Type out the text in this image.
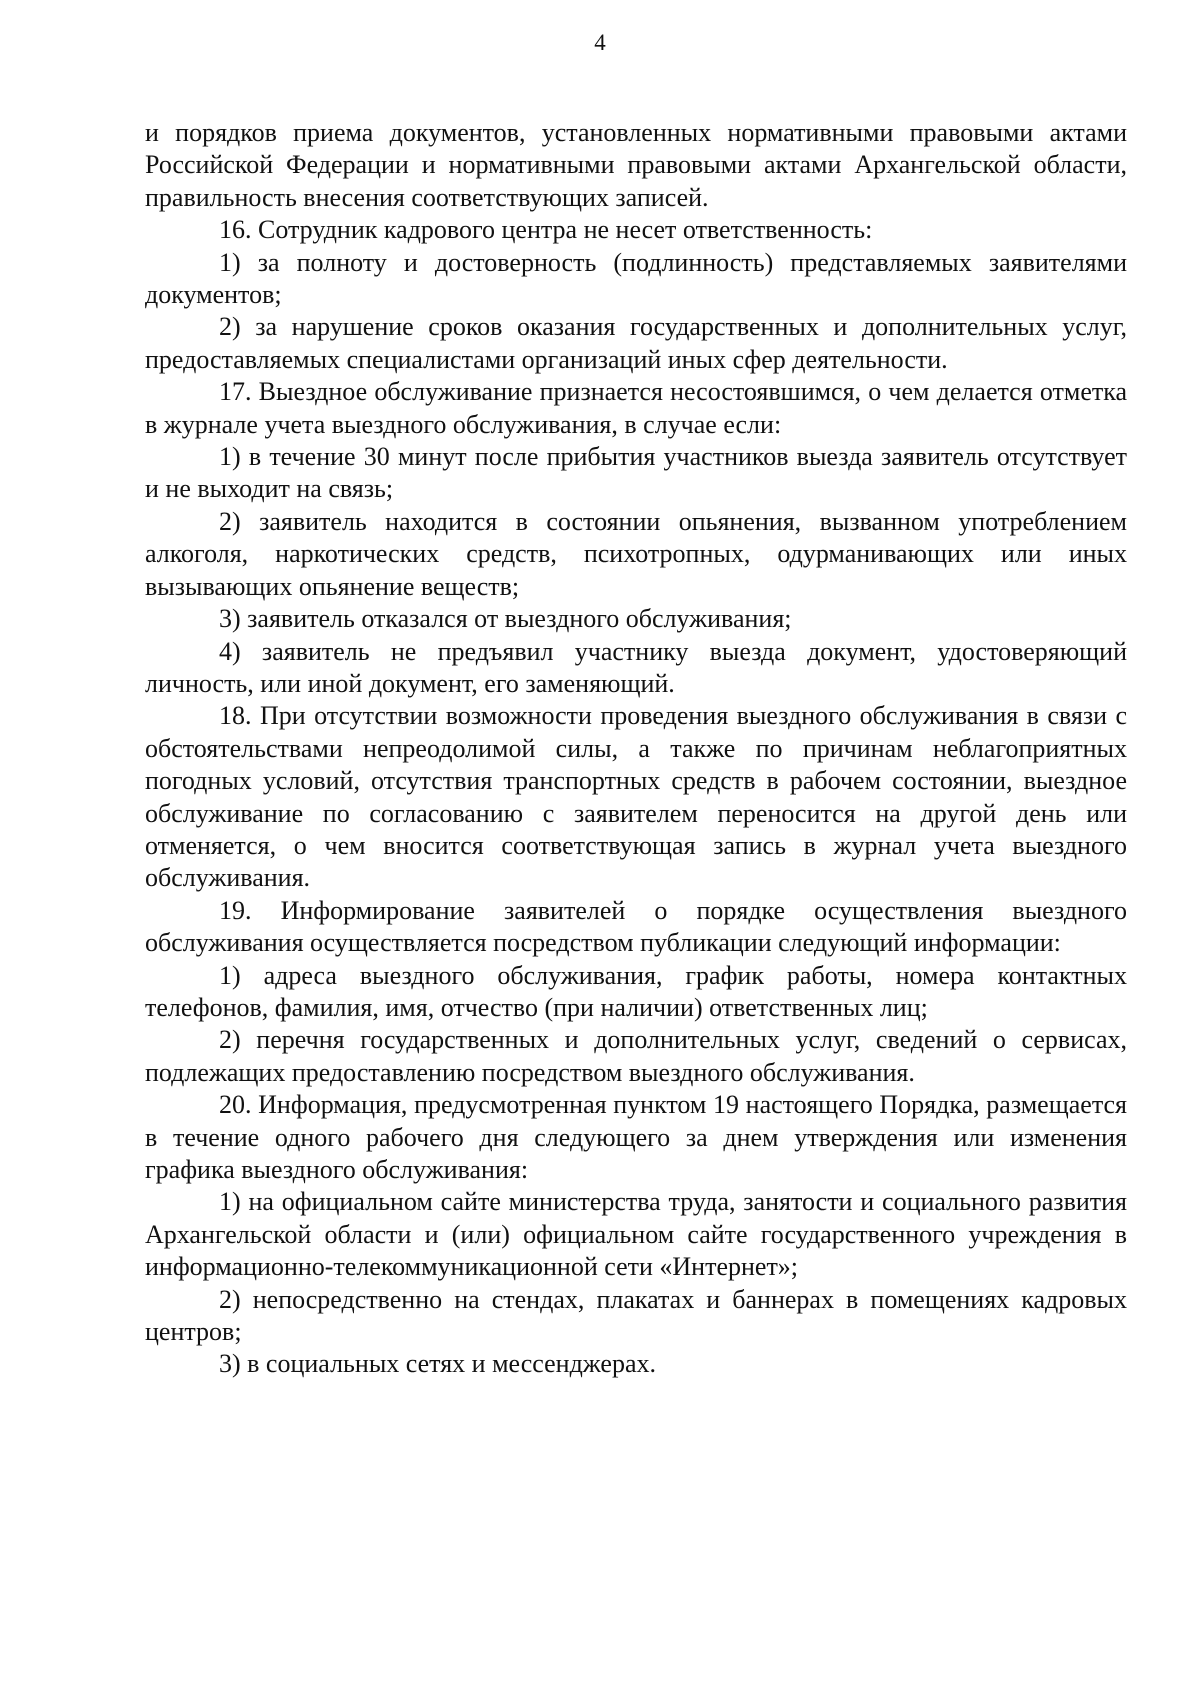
4

и порядков приема документов, установленных нормативными правовыми актами Российской Федерации и нормативными правовыми актами Архангельской области, правильность внесения соответствующих записей.

16. Сотрудник кадрового центра не несет ответственность:

1) за полноту и достоверность (подлинность) представляемых заявителями документов;

2) за нарушение сроков оказания государственных и дополнительных услуг, предоставляемых специалистами организаций иных сфер деятельности.

17. Выездное обслуживание признается несостоявшимся, о чем делается отметка в журнале учета выездного обслуживания, в случае если:

1) в течение 30 минут после прибытия участников выезда заявитель отсутствует и не выходит на связь;

2) заявитель находится в состоянии опьянения, вызванном употреблением алкоголя, наркотических средств, психотропных, одурманивающих или иных вызывающих опьянение веществ;

3) заявитель отказался от выездного обслуживания;

4) заявитель не предъявил участнику выезда документ, удостоверяющий личность, или иной документ, его заменяющий.

18. При отсутствии возможности проведения выездного обслуживания в связи с обстоятельствами непреодолимой силы, а также по причинам неблагоприятных погодных условий, отсутствия транспортных средств в рабочем состоянии, выездное обслуживание по согласованию с заявителем переносится на другой день или отменяется, о чем вносится соответствующая запись в журнал учета выездного обслуживания.

19. Информирование заявителей о порядке осуществления выездного обслуживания осуществляется посредством публикации следующий информации:

1) адреса выездного обслуживания, график работы, номера контактных телефонов, фамилия, имя, отчество (при наличии) ответственных лиц;

2) перечня государственных и дополнительных услуг, сведений о сервисах, подлежащих предоставлению посредством выездного обслуживания.

20. Информация, предусмотренная пунктом 19 настоящего Порядка, размещается в течение одного рабочего дня следующего за днем утверждения или изменения графика выездного обслуживания:

1) на официальном сайте министерства труда, занятости и социального развития Архангельской области и (или) официальном сайте государственного учреждения в информационно-телекоммуникационной сети «Интернет»;

2) непосредственно на стендах, плакатах и баннерах в помещениях кадровых центров;

3) в социальных сетях и мессенджерах.
